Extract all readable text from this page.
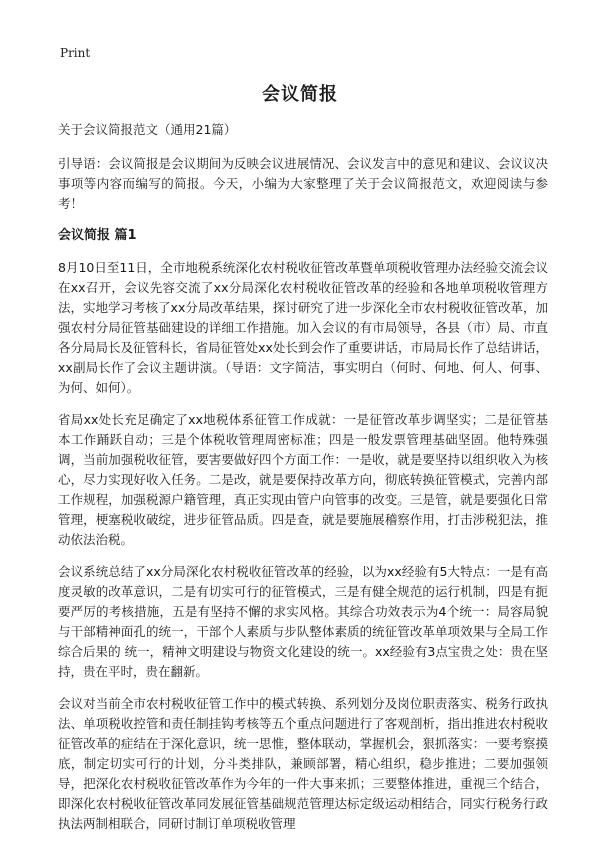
Print
会议简报

关于会议简报范文（通用21篇）

引导语：会议简报是会议期间为反映会议进展情况、会议发言中的意见和建议、会议议决事项等内容而编写的简报。今天，小编为大家整理了关于会议简报范文，欢迎阅读与参考！

会议简报 篇1

8月10日至11日，全市地税系统深化农村税收征管改革暨单项税收管理办法经验交流会议在xx召开，会议先容交流了xx分局深化农村税收征管改革的经验和各地单项税收管理方法，实地学习考核了xx分局改革结果，探讨研究了进一步深化全市农村税收征管改革，加强农村分局征管基础建设的详细工作措施。加入会议的有市局领导，各县（市）局、市直各分局局长及征管科长，省局征管处xx处长到会作了重要讲话，市局局长作了总结讲话，xx副局长作了会议主题讲演。（导语：文字简洁，事实明白（何时、何地、何人、何事、为何、如何）。

省局xx处长充足确定了xx地税体系征管工作成就：一是征管改革步调坚实；二是征管基本工作踊跃自动；三是个体税收管理周密标准；四是一般发票管理基础坚固。他特殊强调，当前加强税收征管，要害要做好四个方面工作：一是收，就是要坚持以组织收入为核心，尽力实现好收入任务。二是改，就是要保持改革方向，彻底转换征管模式，完善内部工作规程，加强税源户籍管理，真正实现由管户向管事的改变。三是管，就是要强化日常管理，梗塞税收破绽，进步征管品质。四是查，就是要施展稽察作用，打击涉税犯法，推动依法治税。

会议系统总结了xx分局深化农村税收征管改革的经验，以为xx经验有5大特点：一是有高度灵敏的改革意识，二是有切实可行的征管模式，三是有健全规范的运行机制，四是有扼要严厉的考核措施，五是有坚持不懈的求实风格。其综合功效表示为4个统一：局容局貌与干部精神面孔的统一，干部个人素质与步队整体素质的统征管改革单项效果与全局工作综合后果的 统一，精神文明建设与物资文化建设的统一。xx经验有3点宝贵之处：贵在坚持，贵在平时，贵在翻新。

会议对当前全市农村税收征管工作中的模式转换、系列划分及岗位职责落实、税务行政执法、单项税收控管和责任制挂钩考核等五个重点问题进行了客观剖析，指出推进农村税收征管改革的症结在于深化意识，统一思惟，整体联动，掌握机会，狠抓落实：一要考察摸底，制定切实可行的计划，分斗类排队，兼顾部署，精心组织，稳步推进；二要加强领导，把深化农村税收征管改革作为今年的一件大事来抓；三要整体推进，重视三个结合，即深化农村税收征管改革同发展征管基础规范管理达标定级运动相结合，同实行税务行政执法两制相联合，同研讨制订单项税收管理
